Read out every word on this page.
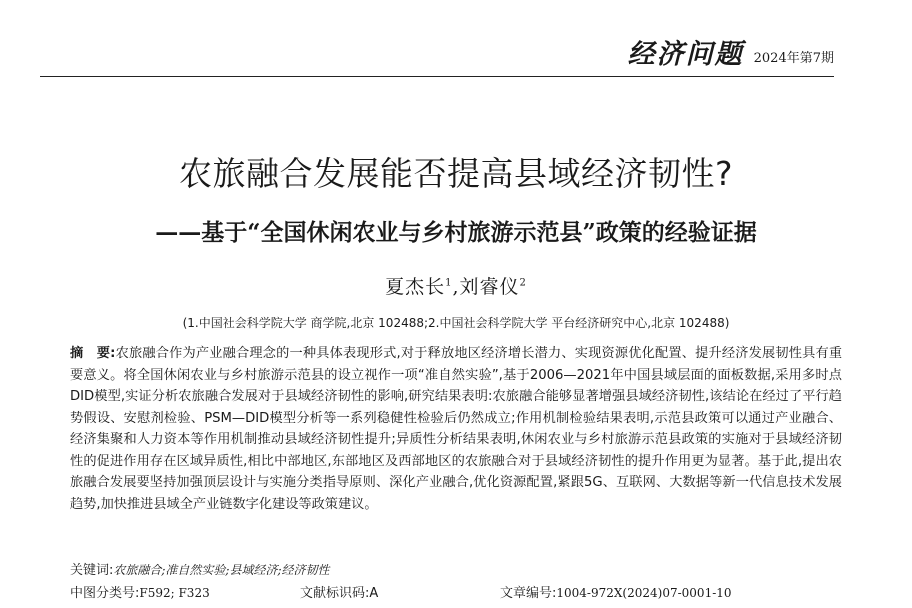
经济问题 2024年第7期
农旅融合发展能否提高县域经济韧性?
——基于“全国休闲农业与乡村旅游示范县”政策的经验证据
夏杰长$^1$,刘睿仪$^2$
(1.中国社会科学院大学 商学院,北京 102488;2.中国社会科学院大学 平台经济研究中心,北京 102488)

摘　要:农旅融合作为产业融合理念的一种具体表现形式,对于释放地区经济增长潜力、实现资源优化配置、提升经济发展韧性具有重要意义。将全国休闲农业与乡村旅游示范县的设立视作一项“准自然实验”,基于2006—2021年中国县域层面的面板数据,采用多时点DID模型,实证分析农旅融合发展对于县域经济韧性的影响,研究结果表明:农旅融合能够显著增强县域经济韧性,该结论在经过了平行趋势假设、安慰剂检验、PSM—DID模型分析等一系列稳健性检验后仍然成立;作用机制检验结果表明,示范县政策可以通过产业融合、经济集聚和人力资本等作用机制推动县域经济韧性提升;异质性分析结果表明,休闲农业与乡村旅游示范县政策的实施对于县域经济韧性的促进作用存在区域异质性,相比中部地区,东部地区及西部地区的农旅融合对于县域经济韧性的提升作用更为显著。基于此,提出农旅融合发展要坚持加强顶层设计与实施分类指导原则、深化产业融合,优化资源配置,紧跟5G、互联网、大数据等新一代信息技术发展趋势,加快推进县域全产业链数字化建设等政策建议。

关键词:农旅融合;准自然实验;县域经济;经济韧性
中图分类号:F592; F323	文献标识码:A	文章编号:1004-972X(2024)07-0001-10
